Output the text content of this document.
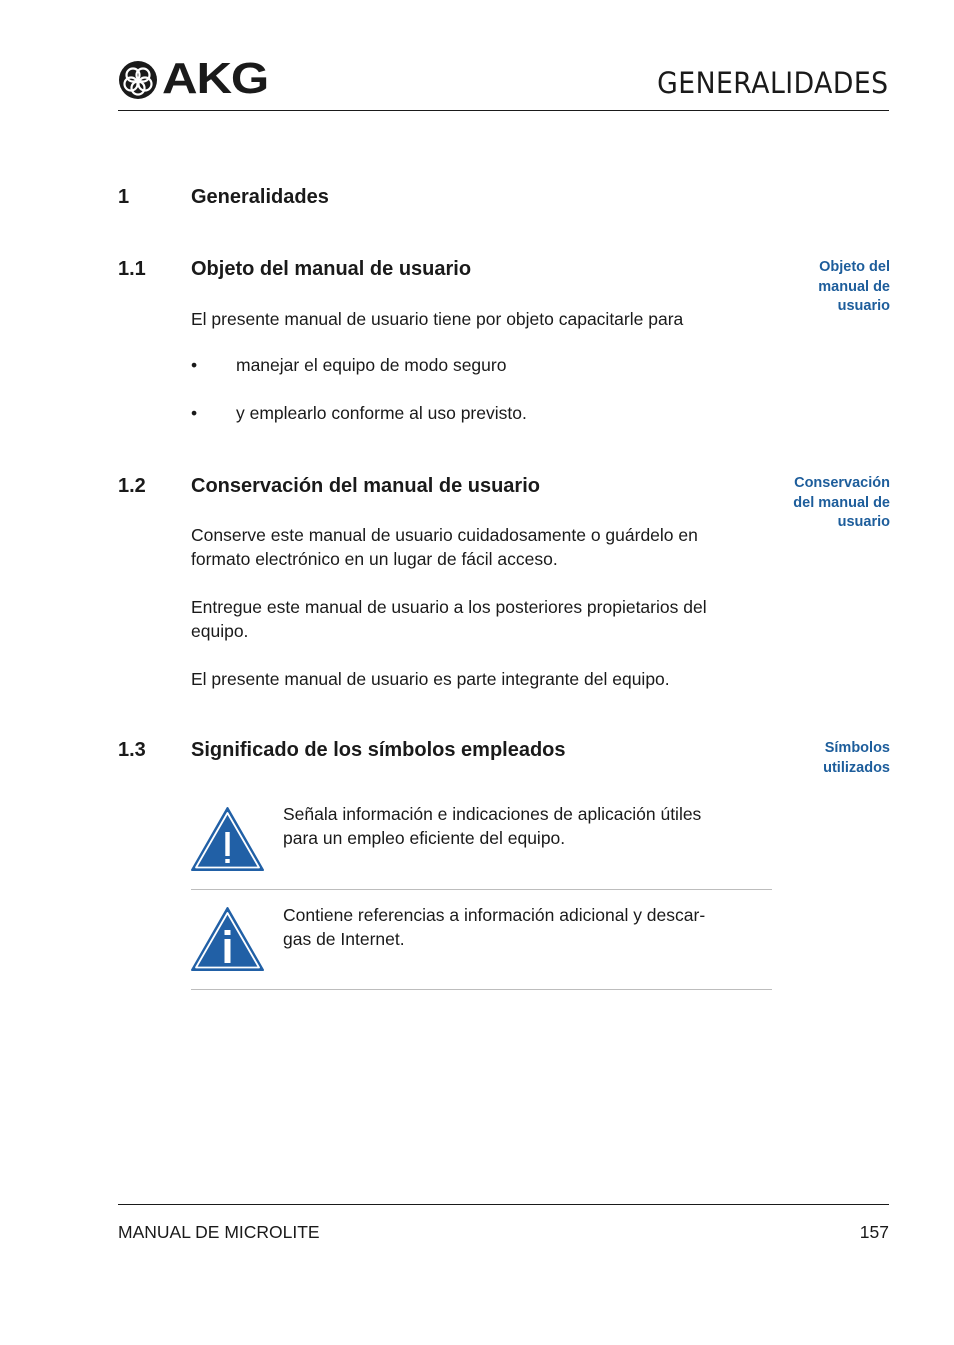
AKG	GENERALIDADES
1	Generalidades
1.1 Objeto del manual de usuario	Objeto del
manual de
usuario
El presente manual de usuario tiene por objeto capacitarle para
• manejar el equipo de modo seguro
• y emplearlo conforme al uso previsto.
1.2 Conservación del manual de usuario	Conservación
del manual de
usuario
Conserve este manual de usuario cuidadosamente o guárdelo en
formato electrónico en un lugar de fácil acceso.
Entregue este manual de usuario a los posteriores propietarios del
equipo.
El presente manual de usuario es parte integrante del equipo.
1.3 Significado de los símbolos empleados	Símbolos
utilizados
Señala información e indicaciones de aplicación útiles
para un empleo eficiente del equipo.
Contiene referencias a información adicional y descar-
gas de Internet.
MANUAL DE MICROLITE	157
